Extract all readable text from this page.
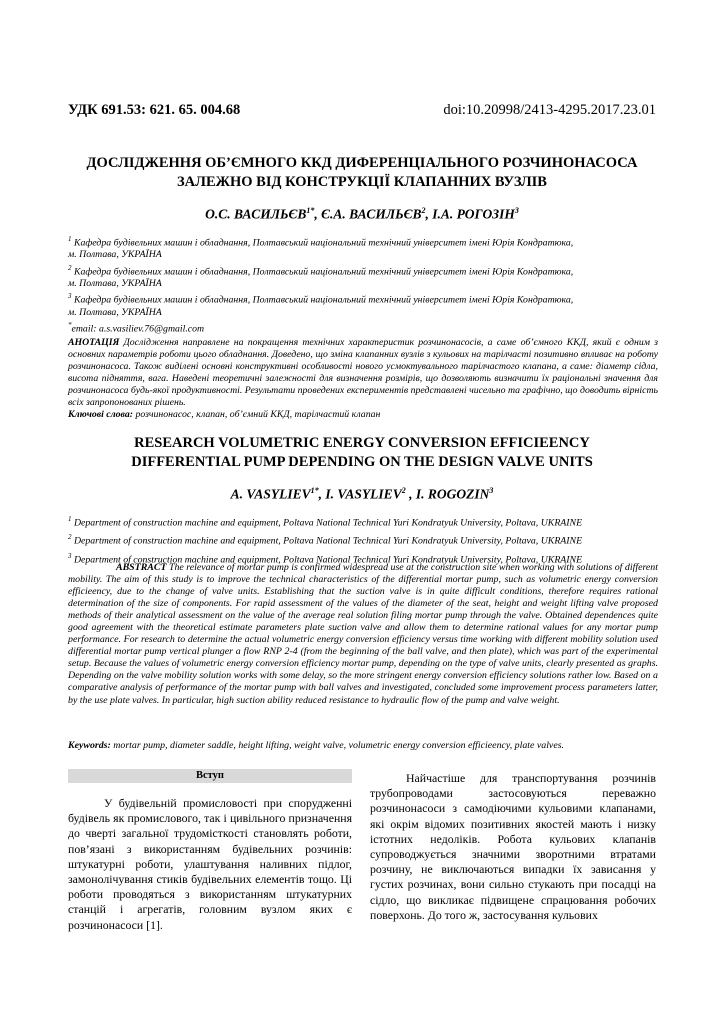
УДК 691.53: 621. 65. 004.68	doi:10.20998/2413-4295.2017.23.01
ДОСЛІДЖЕННЯ ОБ’ЄМНОГО ККД ДИФЕРЕНЦІАЛЬНОГО РОЗЧИНОНАСОСА
ЗАЛЕЖНО ВІД КОНСТРУКЦІЇ КЛАПАННИХ ВУЗЛІВ
О.С. $ВАСИЛЬЄВ^{1*}$, Є.А. ВАСИЛЬЄВ$^2$, І.А. РОГОЗІН$^3$
$^1$ Кафедра будівельних машин і обладнання, Полтавський національний технічний університет імені Юрія Кондратюка,
м. Полтава, УКРАЇНА
$^2$ Кафедра будівельних машин і обладнання, Полтавський національний технічний університет імені Юрія Кондратюка,
м. Полтава, УКРАЇНА
$^3$ Кафедра будівельних машин і обладнання, Полтавський національний технічний університет імені Юрія Кондратюка,
м. Полтава, УКРАЇНА
*email: a.s.vasiliev.76@gmail.com
АНОТАЦІЯ Дослідження направлене на покращення технічних характеристик розчинонасосів, а саме об’ємного ККД, який є одним з основних параметрів роботи цього обладнання. Доведено, що зміна клапанних вузлів з кульових на тарілчасті позитивно впливає на роботу розчинонасоса. Також виділені основні конструктивні особливості нового усмоктувального тарілчастого клапана, а саме: діаметр сідла, висота підняття, вага. Наведені теоретичні залежності для визначення розмірів, що дозволяють визначити їх раціональні значення для розчинонасоса будь-якої продуктивності. Результати проведених експериментів представлені чисельно та графічно, що доводить вірність всіх запропонованих рішень.
Ключові слова: розчинонасос, клапан, об’ємний ККД, тарілчастий клапан
RESEARCH VOLUMETRIC ENERGY CONVERSION EFFICIEENCY
DIFFERENTIAL PUMP DEPENDING ON THE DESIGN VALVE UNITS
A. $VASYLIEV^{1*}$, I. VASYLIEV$^2$ , I. ROGOZIN$^3$
$^1$ Department of construction machine and equipment, Poltava National Technical Yuri Kondratyuk University, Poltava, UKRAINE
$^2$ Department of construction machine and equipment, Poltava National Technical Yuri Kondratyuk University, Poltava, UKRAINE
$^3$ Department of construction machine and equipment, Poltava National Technical Yuri Kondratyuk University, Poltava, UKRAINE
ABSTRACT The relevance of mortar pump is confirmed widespread use at the construction site when working with solutions of different mobility. The aim of this study is to improve the technical characteristics of the differential mortar pump, such as volumetric energy conversion efficieency, due to the change of valve units. Establishing that the suction valve is in quite difficult conditions, therefore requires rational determination of the size of components. For rapid assessment of the values of the diameter of the seat, height and weight lifting valve proposed methods of their analytical assessment on the value of the average real solution filing mortar pump through the valve. Obtained dependences quite good agreement with the theoretical estimate parameters plate suction valve and allow them to determine rational values for any mortar pump performance. For research to determine the actual volumetric energy conversion efficiency versus time working with different mobility solution used differential mortar pump vertical plunger a flow RNP 2-4 (from the beginning of the ball valve, and then plate), which was part of the experimental setup. Because the values of volumetric energy conversion efficiency mortar pump, depending on the type of valve units, clearly presented as graphs. Depending on the valve mobility solution works with some delay, so the more stringent energy conversion efficiency solutions rather low. Based on a comparative analysis of performance of the mortar pump with ball valves and investigated, concluded some improvement process parameters latter, by the use plate valves. In particular, high suction ability reduced resistance to hydraulic flow of the pump and valve weight.
Keywords: mortar pump, diameter saddle, height lifting, weight valve, volumetric energy conversion efficieency, plate valves.
Вступ
У будівельній промисловості при спорудженні будівель як промислового, так і цивільного призначення до чверті загальної трудомісткості становлять роботи, пов’язані з використанням будівельних розчинів: штукатурні роботи, улаштування наливних підлог, замонолічування стиків будівельних елементів тощо. Ці роботи проводяться з використанням штукатурних станцій і агрегатів, головним вузлом яких є розчинонасоси [1].
Найчастіше для транспортування розчинів трубопроводами застосовуються переважно розчинонасоси з самодіючими кульовими клапанами, які окрім відомих позитивних якостей мають і низку істотних недоліків. Робота кульових клапанів супроводжується значними зворотними втратами розчину, не виключаються випадки їх зависання у густих розчинах, вони сильно стукають при посадці на сідло, що викликає підвищене спрацювання робочих поверхонь. До того ж, застосування кульових
